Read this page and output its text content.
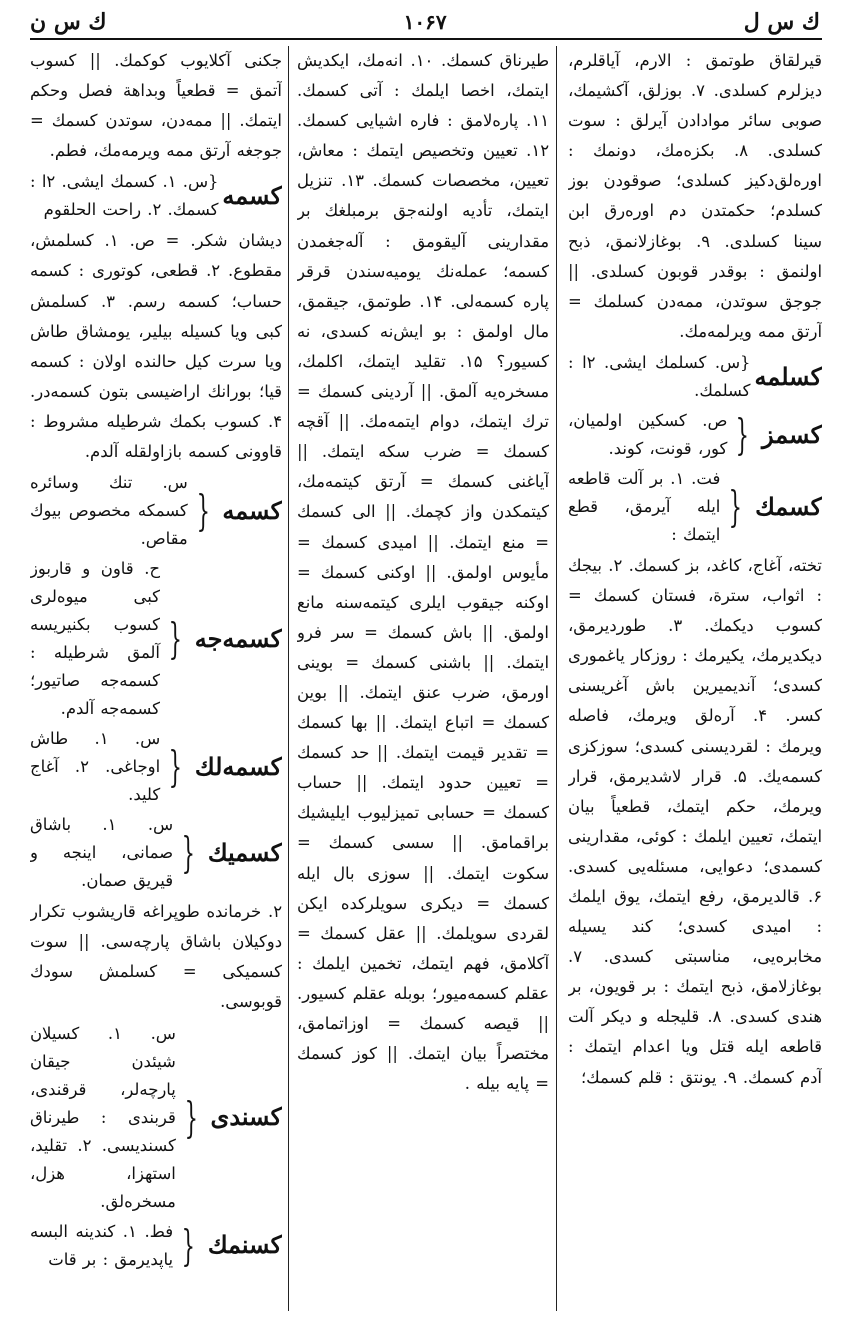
ك س ل
۱۰۶۷
ك س ن

قیرلقاق طوتمق : الارم، آیاقلرم، دیزلرم کسلدی. ۷. بوزلق، آکشیمك، صوبی سائر موادادن آیرلق : سوت کسلدی. ۸. بکزه‌مك، دونمك : اوره‌لق‌دکیز کسلدی؛ صوقودن بوز کسلدم؛ حکمتدن دم اوره‌رق ابن سینا کسلدی. ۹. بوغازلانمق، ذبح اولنمق : بوقدر قوبون کسلدی. || جوجق سوتدن، ممه‌دن کسلمك = آرتق ممه ویرلمه‌مك.

کسلمه
{س. کسلمك ایشی. ۲ا : کسلمك.
کسمز
{
ص. کسکین اولمیان، کور، قونت، کوند.
کسمك
{
فت. ۱. بر آلت قاطعه ایله آیرمق، قطع ایتمك :

تخته، آغاج، کاغد، بز کسمك. ۲. بیجك : اثواب، سترة، فستان کسمك = کسوب دیکمك. ۳. طوردیرمق، دیکدیرمك، یکیرمك : روزکار یاغموری کسدی؛ آندیمیرین باش آغریسنی کسر. ۴. آره‌لق ویرمك، فاصله ویرمك : لقردیسنی کسدی؛ سوزکزی کسمه‌یك. ۵. قرار لاشدیرمق، قرار ویرمك، حکم ایتمك، قطعیاً بیان ایتمك، تعیین ایلمك : کوئی، مقدارینی کسمدی؛ دعوایی، مسئله‌یی کسدی. ۶. قالدیرمق، رفع ایتمك، یوق ایلمك : امیدی کسدی؛ کند یسیله مخابره‌یی، مناسبتی کسدی. ۷. بوغازلامق، ذبح ایتمك : بر قویون، بر هندی کسدی. ۸. قلیجله و دیکر آلت قاطعه ایله قتل ویا اعدام ایتمك : آدم کسمك. ۹. یونتق : قلم کسمك؛

طیرناق کسمك. ۱۰. انه‌مك، ایکدیش ایتمك، اخصا ایلمك : آتی کسمك. ۱۱. پاره‌لامق : فاره اشیایی کسمك. ۱۲. تعیین وتخصیص ایتمك : معاش، تعیین، مخصصات کسمك. ۱۳. تنزیل ایتمك، تأدیه اولنه‌جق برمبلغك بر مقدارینی آلیقومق : آله‌جغمدن کسمه؛ عمله‌نك یومیه‌سندن قرقر پاره کسمه‌لی. ۱۴. طوتمق، جیقمق، مال اولمق : بو ایش‌نه کسدی، نه کسیور؟ ۱۵. تقلید ایتمك، اکلمك، مسخره‌یه آلمق. || آردینی کسمك = ترك ایتمك، دوام ایتمه‌مك. || آقچه کسمك = ضرب سکه ایتمك. || آیاغنی کسمك = آرتق کیتمه‌مك، کیتمکدن واز کچمك. || الی کسمك = منع ایتمك. || امیدی کسمك = مأیوس اولمق. || اوکنی کسمك = اوکنه جیقوب ایلری کیتمه‌سنه مانع اولمق. || باش کسمك = سر فرو ایتمك. || باشنی کسمك = بوینی اورمق، ضرب عنق ایتمك. || بوین کسمك = اتباع ایتمك. || بها کسمك = تقدیر قیمت ایتمك. || حد کسمك = تعیین حدود ایتمك. || حساب کسمك = حسابی تمیزلیوب ایلیشیك براقمامق. || سسی کسمك = سکوت ایتمك. || سوزی بال ایله کسمك = دیکری سویلرکده ایکن لقردی سویلمك. || عقل کسمك = آکلامق، فهم ایتمك، تخمین ایلمك : عقلم کسمه‌میور؛ بوبله عقلم کسیور. || قیصه کسمك = اوزاتمامق، مختصراً بیان ایتمك. || کوز کسمك = پایه بیله .

جکنی آکلایوب کوکمك. || کسوب آتمق = قطعیاً وبداهة فصل وحکم ایتمك. || ممه‌دن، سوتدن کسمك = جوجغه آرتق ممه ویرمه‌مك، فطم.

کسمه
{س. ۱. کسمك ایشی. ۲ا : کسمك. ۲. راحت الحلقوم

دیشان شکر. = ص. ۱. کسلمش، مقطوع. ۲. قطعی، کوتوری : کسمه حساب؛ کسمه رسم. ۳. کسلمش کبی ویا کسیله بیلیر، یومشاق طاش ویا سرت کیل حالنده اولان : کسمه قیا؛ بورانك اراضیسی بتون کسمه‌در. ۴. کسوب بکمك شرطیله مشروط : قاوونی کسمه بازاولقله آلدم.

کسمه
{
س. تنك وسائره کسمکه مخصوص بیوك مقاص.
کسمه‌جه
{
ح. قاون و قاربوز کبی میوه‌لری کسوب بکنیریسه آلمق شرطیله : کسمه‌جه صاتیور؛ کسمه‌جه آلدم.
کسمه‌لك
{
س. ۱. طاش اوجاغی. ۲. آغاج کلید.
کسمیك
{
س. ۱. باشاق صمانی، اینجه و قیریق صمان.

۲. خرمانده طوپراغه قاریشوب تکرار دوکیلان باشاق پارچه‌سی. || سوت کسمیکی = کسلمش سودك قوبوسی.

کسندی
{
س. ۱. کسیلان شیئدن جیقان پارچه‌لر، قرقندی، قربندی : طیرناق کسندیسی. ۲. تقلید، استهزا، هزل، مسخره‌لق.
کسنمك
{
فط. ۱. کندینه البسه یاپدیرمق : بر قات
